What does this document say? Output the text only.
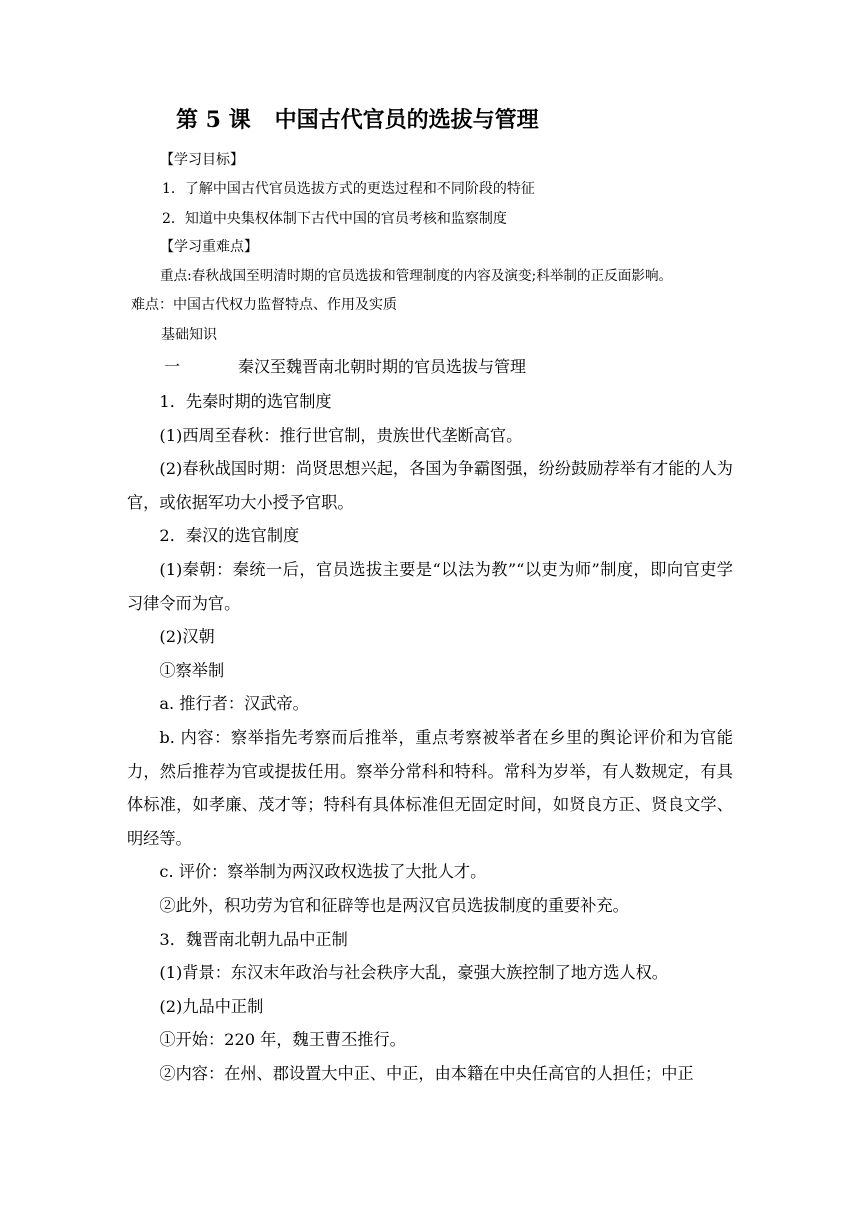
第 5 课 中国古代官员的选拔与管理
【学习目标】
1．了解中国古代官员选拔方式的更迭过程和不同阶段的特征
2．知道中央集权体制下古代中国的官员考核和监察制度
【学习重难点】
重点:春秋战国至明清时期的官员选拔和管理制度的内容及演变;科举制的正反面影响。
难点：中国古代权力监督特点、作用及实质
基础知识
一	秦汉至魏晋南北朝时期的官员选拔与管理

1．先秦时期的选官制度

(1)西周至春秋：推行世官制，贵族世代垄断高官。

(2)春秋战国时期：尚贤思想兴起，各国为争霸图强，纷纷鼓励荐举有才能的人为官，或依据军功大小授予官职。

2．秦汉的选官制度

(1)秦朝：秦统一后，官员选拔主要是“以法为教”“以吏为师”制度，即向官吏学习律令而为官。

(2)汉朝

①察举制

a. 推行者：汉武帝。

b. 内容：察举指先考察而后推举，重点考察被举者在乡里的舆论评价和为官能力，然后推荐为官或提拔任用。察举分常科和特科。常科为岁举，有人数规定，有具体标准，如孝廉、茂才等；特科有具体标准但无固定时间，如贤良方正、贤良文学、明经等。

c. 评价：察举制为两汉政权选拔了大批人才。

②此外，积功劳为官和征辟等也是两汉官员选拔制度的重要补充。

3．魏晋南北朝九品中正制

(1)背景：东汉末年政治与社会秩序大乱，豪强大族控制了地方选人权。

(2)九品中正制

①开始：220 年，魏王曹丕推行。

②内容：在州、郡设置大中正、中正，由本籍在中央任高官的人担任；中正
